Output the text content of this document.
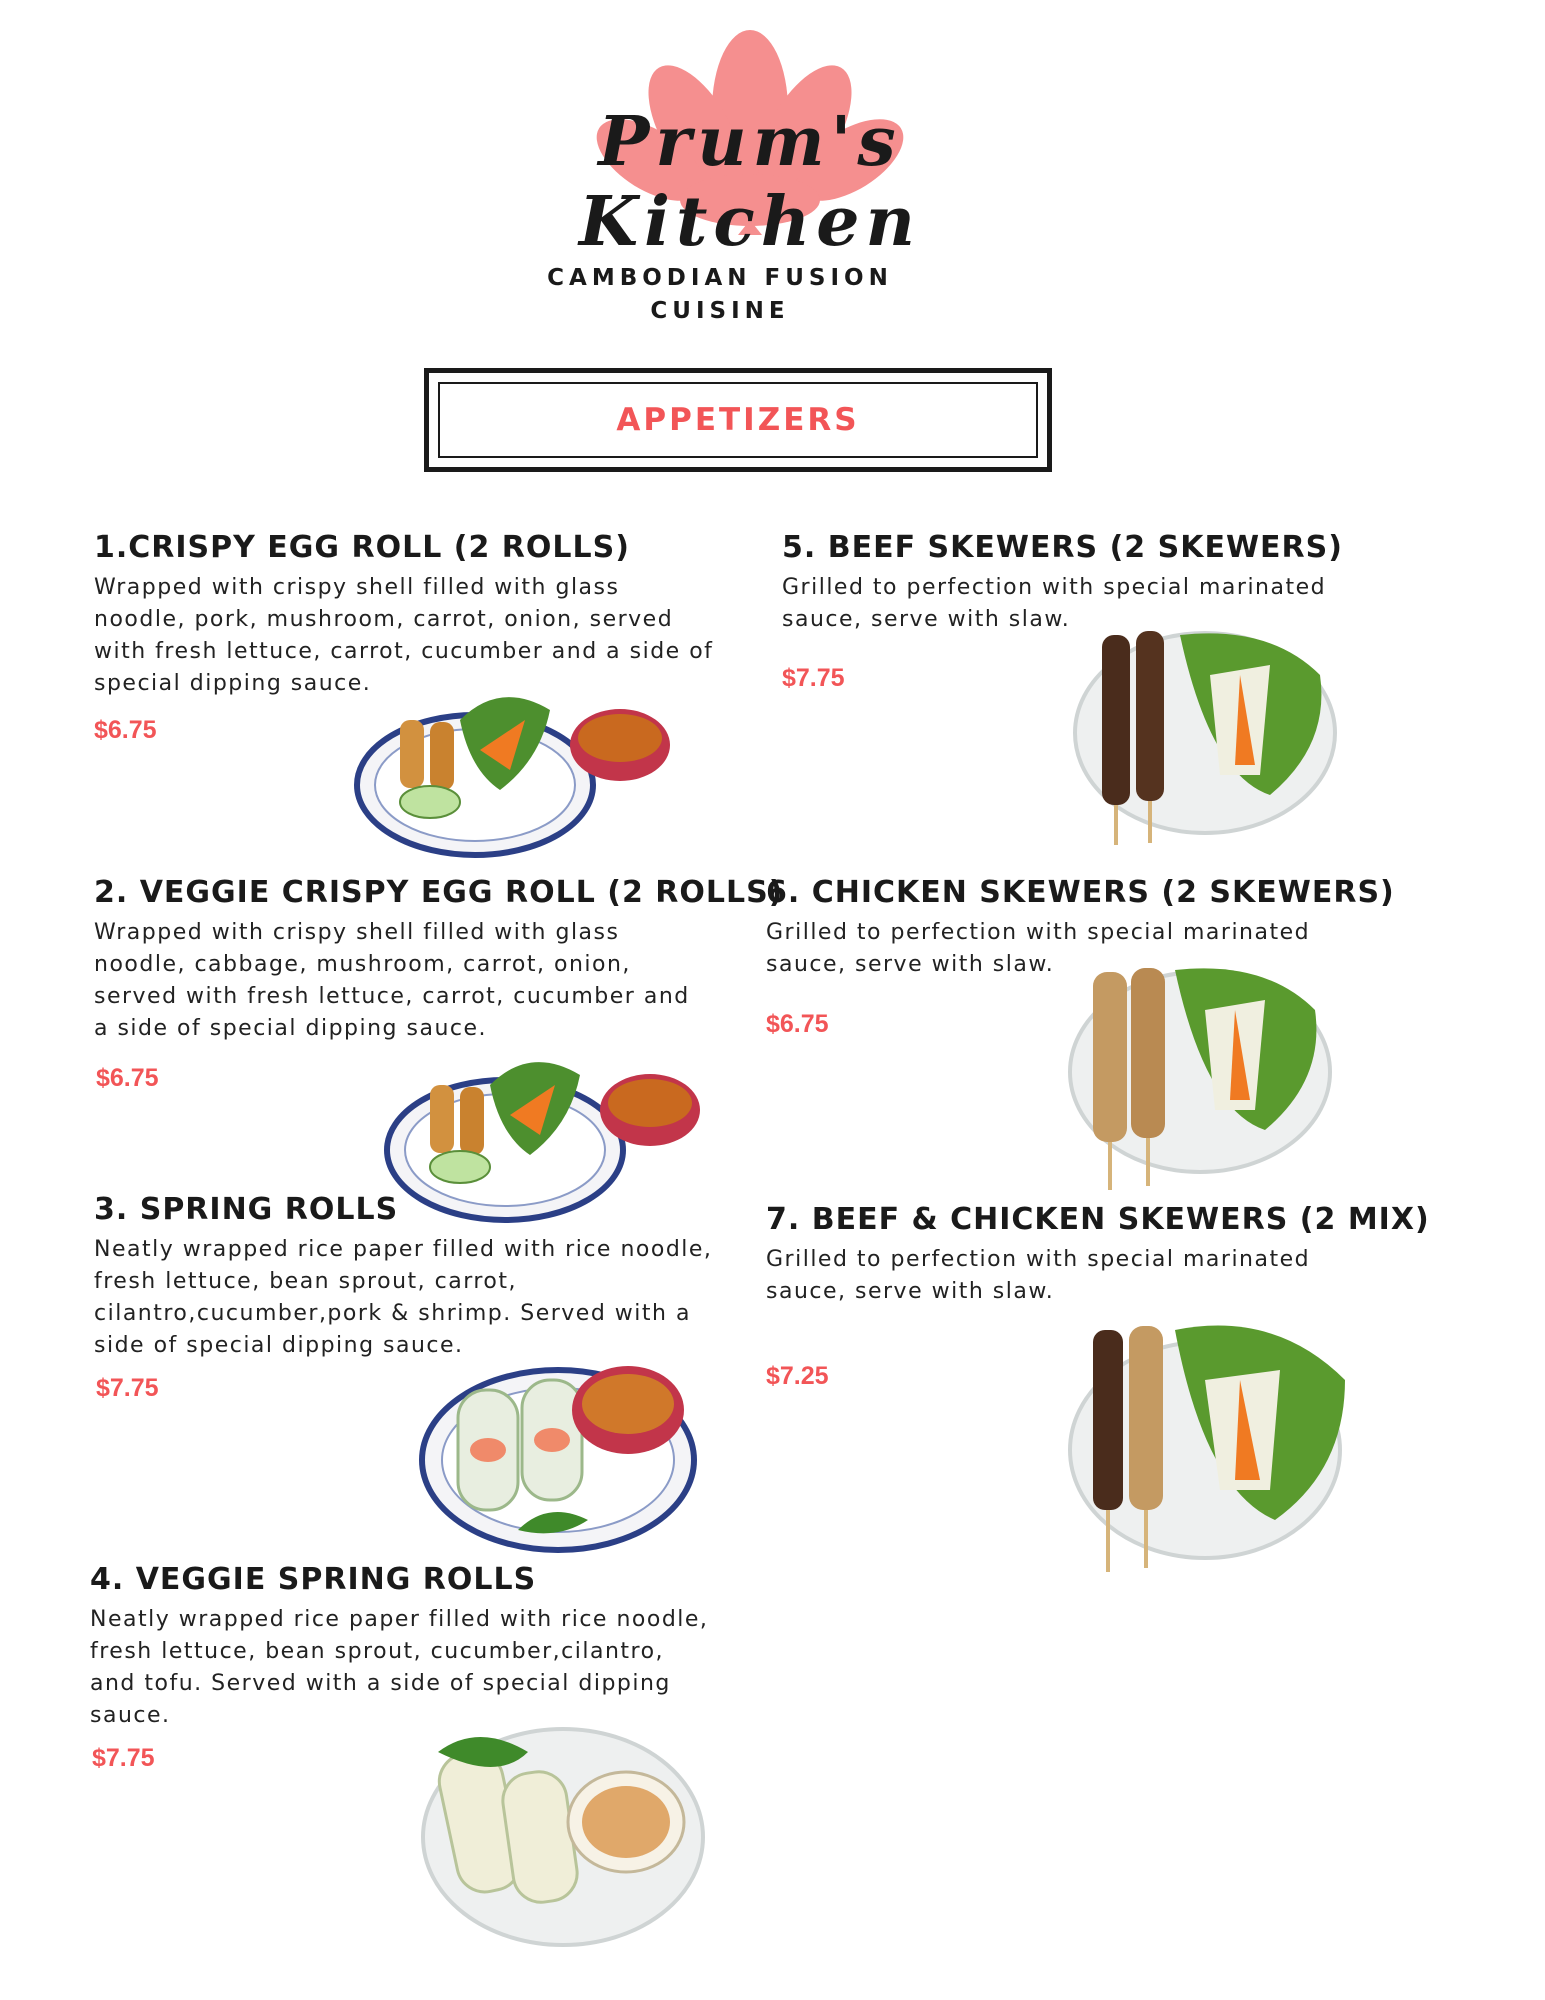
Prum's Kitchen
CAMBODIAN FUSION
CUISINE
APPETIZERS
1.CRISPY EGG ROLL (2 ROLLS)
Wrapped with crispy shell filled with glass noodle, pork, mushroom, carrot, onion, served with fresh lettuce, carrot, cucumber and a side of special dipping sauce.
$6.75
2. VEGGIE CRISPY EGG ROLL (2 ROLLS)
Wrapped with crispy shell filled with glass noodle, cabbage, mushroom, carrot, onion, served with fresh lettuce, carrot, cucumber and a side of special dipping sauce.
$6.75
3. SPRING ROLLS
Neatly wrapped rice paper filled with rice noodle, fresh lettuce, bean sprout, carrot, cilantro,cucumber,pork & shrimp. Served with a side of special dipping sauce.
$7.75
4. VEGGIE SPRING ROLLS
Neatly wrapped rice paper filled with rice noodle, fresh lettuce, bean sprout, cucumber,cilantro, and tofu. Served with a side of special dipping sauce.
$7.75
5. BEEF SKEWERS (2 SKEWERS)
Grilled to perfection with special marinated sauce, serve with slaw.
$7.75
6. CHICKEN SKEWERS (2 SKEWERS)
Grilled to perfection with special marinated sauce, serve with slaw.
$6.75
7. BEEF & CHICKEN SKEWERS (2 MIX)
Grilled to perfection with special marinated sauce, serve with slaw.
$7.25
